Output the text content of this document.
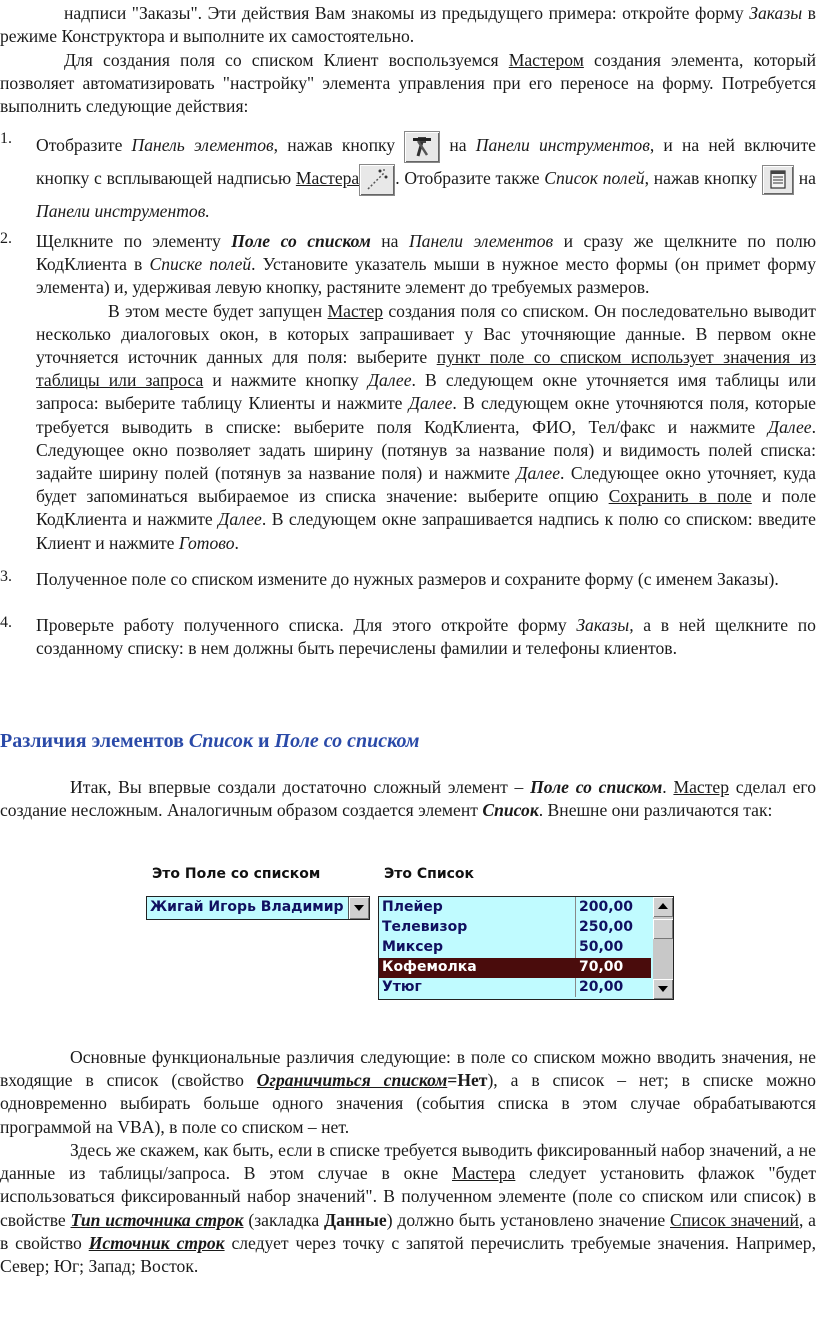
надписи "Заказы". Эти действия Вам знакомы из предыдущего примера: откройте форму Заказы в режиме Конструктора и выполните их самостоятельно.

Для создания поля со списком Клиент воспользуемся Мастером создания элемента, который позволяет автоматизировать "настройку" элемента управления при его переносе на форму. Потребуется выполнить следующие действия:

1. Отобразите Панель элементов, нажав кнопку  на Панели инструментов, и на ней включите кнопку с всплывающей надписью Мастера . Отобразите также Список полей, нажав кнопку  на Панели инструментов.

2. Щелкните по элементу Поле со списком на Панели элементов и сразу же щелкните по полю КодКлиента в Списке полей. Установите указатель мыши в нужное место формы (он примет форму элемента) и, удерживая левую кнопку, растяните элемент до требуемых размеров.

В этом месте будет запущен Мастер создания поля со списком. Он последовательно выводит несколько диалоговых окон, в которых запрашивает у Вас уточняющие данные. В первом окне уточняется источник данных для поля: выберите пункт поле со списком использует значения из таблицы или запроса и нажмите кнопку Далее. В следующем окне уточняется имя таблицы или запроса: выберите таблицу Клиенты и нажмите Далее. В следующем окне уточняются поля, которые требуется выводить в списке: выберите поля КодКлиента, ФИО, Тел/факс и нажмите Далее. Следующее окно позволяет задать ширину (потянув за название поля) и видимость полей списка: задайте ширину полей (потянув за название поля) и нажмите Далее. Следующее окно уточняет, куда будет запоминаться выбираемое из списка значение: выберите опцию Сохранить в поле и поле КодКлиента и нажмите Далее. В следующем окне запрашивается надпись к полю со списком: введите Клиент и нажмите Готово.

3. Полученное поле со списком измените до нужных размеров и сохраните форму (с именем Заказы).

4. Проверьте работу полученного списка. Для этого откройте форму Заказы, а в ней щелкните по созданному списку: в нем должны быть перечислены фамилии и телефоны клиентов.

Различия элементов Список и Поле со списком

Итак, Вы впервые создали достаточно сложный элемент – Поле со списком. Мастер сделал его создание несложным. Аналогичным образом создается элемент Список. Внешне они различаются так:

Это Поле со списком
Жигай Игорь Владимир
Это Список
Плейер	200,00
Телевизор	250,00
Миксер	50,00
Кофемолка	70,00
Утюг	20,00

Основные функциональные различия следующие: в поле со списком можно вводить значения, не входящие в список (свойство Ограничиться списком=Нет), а в список – нет; в списке можно одновременно выбирать больше одного значения (события списка в этом случае обрабатываются программой на VBA), в поле со списком – нет.

Здесь же скажем, как быть, если в списке требуется выводить фиксированный набор значений, а не данные из таблицы/запроса. В этом случае в окне Мастера следует установить флажок "будет использоваться фиксированный набор значений". В полученном элементе (поле со списком или список) в свойстве Тип источника строк (закладка Данные) должно быть установлено значение Список значений, а в свойство Источник строк следует через точку с запятой перечислить требуемые значения. Например, Север; Юг; Запад; Восток.
